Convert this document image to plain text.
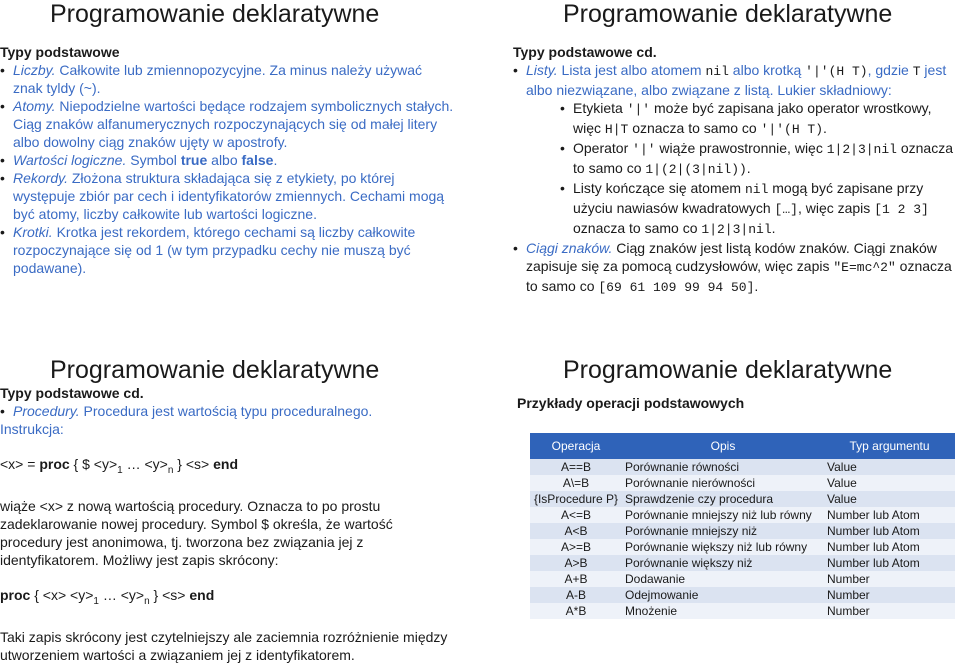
Programowanie deklaratywne
Typy podstawowe
• Liczby. Całkowite lub zmiennopozycyjne. Za minus należy używać znak tyldy (~).
• Atomy. Niepodzielne wartości będące rodzajem symbolicznych stałych. Ciąg znaków alfanumerycznych rozpoczynających się od małej litery albo dowolny ciąg znaków ujęty w apostrofy.
• Wartości logiczne. Symbol true albo false.
• Rekordy. Złożona struktura składająca się z etykiety, po której występuje zbiór par cech i identyfikatorów zmiennych. Cechami mogą być atomy, liczby całkowite lub wartości logiczne.
• Krotki. Krotka jest rekordem, którego cechami są liczby całkowite rozpoczynające się od 1 (w tym przypadku cechy nie muszą być podawane).
Programowanie deklaratywne
Typy podstawowe cd.
• Listy. Lista jest albo atomem nil albo krotką '|'(H T), gdzie T jest albo niezwiązane, albo związane z listą. Lukier składniowy:
• Etykieta '|' może być zapisana jako operator wrostkowy, więc H|T oznacza to samo co '|'(H T).
• Operator '|' wiąże prawostronnie, więc 1|2|3|nil oznacza to samo co 1|(2|(3|nil)).
• Listy kończące się atomem nil mogą być zapisane przy użyciu nawiasów kwadratowych […], więc zapis [1 2 3] oznacza to samo co 1|2|3|nil.
• Ciągi znaków. Ciąg znaków jest listą kodów znaków. Ciągi znaków zapisuje się za pomocą cudzysłowów, więc zapis "E=mc^2" oznacza to samo co [69 61 109 99 94 50].
Programowanie deklaratywne
Typy podstawowe cd.
• Procedury. Procedura jest wartością typu proceduralnego.
Instrukcja:
<x> = proc { $ $<y>_1$ … $<y>_n$ } <s> end
wiąże <x> z nową wartością procedury. Oznacza to po prostu zadeklarowanie nowej procedury. Symbol $ określa, że wartość procedury jest anonimowa, tj. tworzona bez związania jej z identyfikatorem. Możliwy jest zapis skrócony:
proc { $<x> <y>_1$ … $<y>_n$ } <s> end
Taki zapis skrócony jest czytelniejszy ale zaciemnia rozróżnienie między utworzeniem wartości a związaniem jej z identyfikatorem.
Programowanie deklaratywne
Przykłady operacji podstawowych
Operacja	Opis	Typ argumentu
A==B	Porównanie równości	Value
A\=B	Porównanie nierówności	Value
{IsProcedure P}	Sprawdzenie czy procedura	Value
A<=B	Porównanie mniejszy niż lub równy	Number lub Atom
A<B	Porównanie mniejszy niż	Number lub Atom
A>=B	Porównanie większy niż lub równy	Number lub Atom
A>B	Porównanie większy niż	Number lub Atom
A+B	Dodawanie	Number
A-B	Odejmowanie	Number
A*B	Mnożenie	Number
